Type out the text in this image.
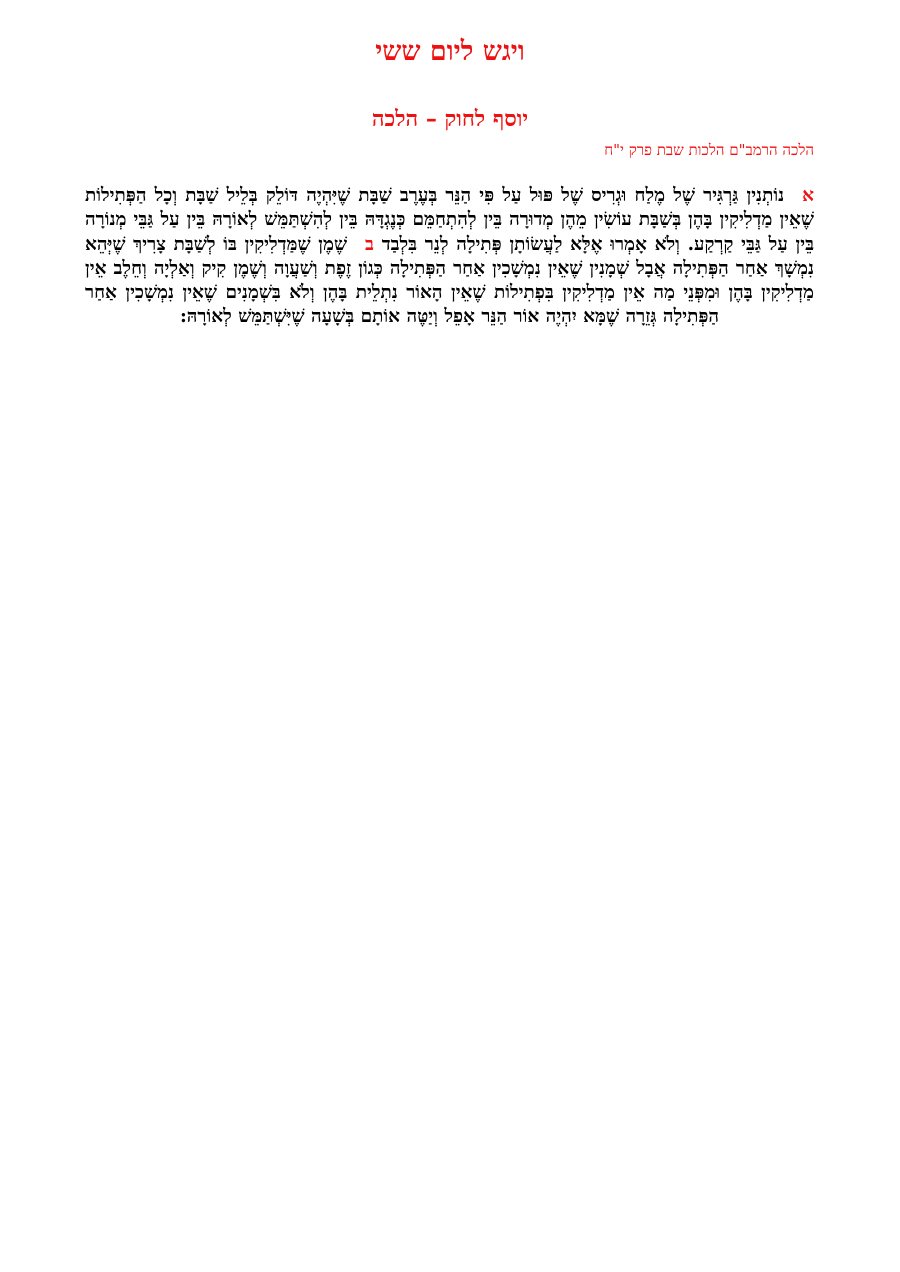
ויגש ליום ששי
יוסף לחוק – הלכה
הלכה הרמב"ם הלכות שבת פרק י"ח

אנוֹתְנִין גַּרְגִּיר שֶׁל מֶלַח וּגְרִיס שֶׁל פּוּל עַל פִּי הַנֵּר בְּעֶרֶב שַׁבָּת שֶׁיִּהְיֶה דּוֹלֵק בְּלֵיל שַׁבָּת וְכָל הַפְּתִילוֹת שֶׁאֵין מַדְלִיקִין בָּהֶן בְּשַׁבָּת עוֹשִׂין מֵהֶן מְדוּרָה בֵּין לְהִתְחַמֵּם כְּנֶגְדָּהּ בֵּין לְהִשְׁתַּמֵּשׁ לְאוֹרָהּ בֵּין עַל גַּבֵּי מְנוֹרָה בֵּין עַל גַּבֵּי קַרְקַע. וְלֹא אָמְרוּ אֶלָּא לַעֲשׂוֹתָן פְּתִילָה לְנֵר בִּלְבַד בשֶׁמֶן שֶׁמַּדְלִיקִין בּוֹ לְשַׁבָּת צָרִיךְ שֶׁיְּהֵא נִמְשָׁךְ אַחַר הַפְּתִילָה אֲבָל שְׁמָנִין שֶׁאֵין נִמְשָׁכִין אַחַר הַפְּתִילָה כְּגוֹן זֶפֶת וְשַׁעֲוָה וְשֶׁמֶן קִיק וְאַלְיָה וְחֵלֶב אֵין מַדְלִיקִין בָּהֶן וּמִפְּנֵי מַה אֵין מַדְלִיקִין בִּפְתִילוֹת שֶׁאֵין הָאוֹר נִתְלֵית בָּהֶן וְלֹא בִּשְׁמָנִים שֶׁאֵין נִמְשָׁכִין אַחַר הַפְּתִילָה גְּזֵרָה שֶׁמָּא יִהְיֶה אוֹר הַנֵּר אָפֵל וְיַטֶּה אוֹתָם בְּשָׁעָה שֶׁיִּשְׁתַּמֵּשׁ לְאוֹרָהּ:
